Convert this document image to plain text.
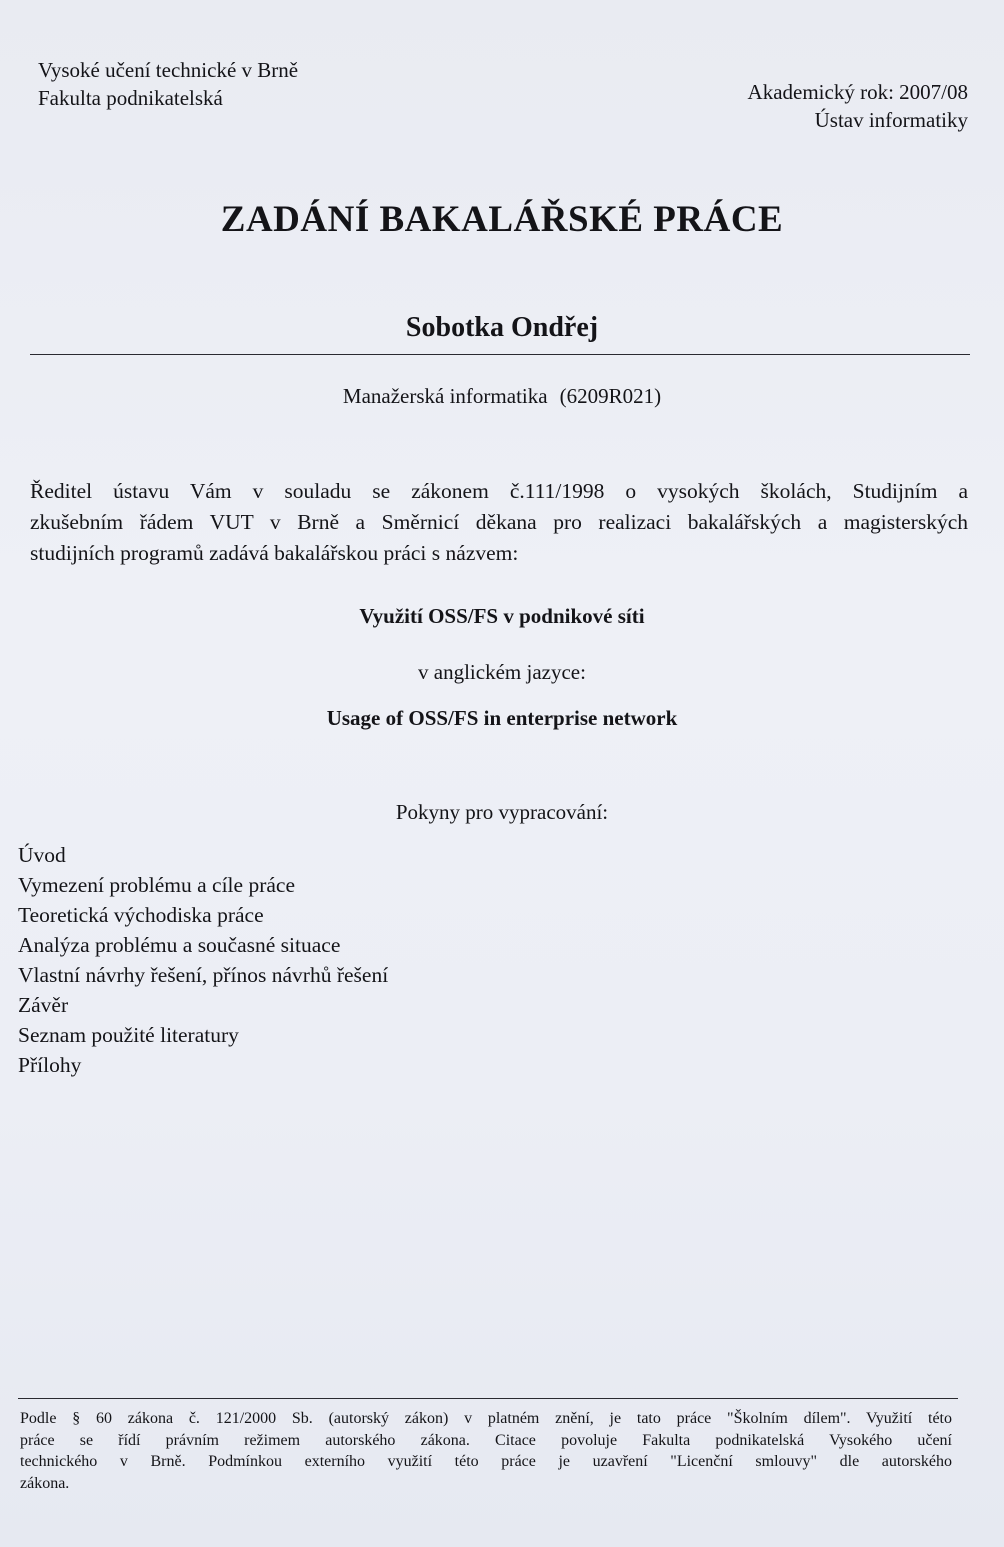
Vysoké učení technické v Brně
Fakulta podnikatelská	Akademický rok: 2007/08
Ústav informatiky
ZADÁNÍ BAKALÁŘSKÉ PRÁCE
Sobotka Ondřej
Manažerská informatika (6209R021)
Ředitel ústavu Vám v souladu se zákonem č.111/1998 o vysokých školách, Studijním a
zkušebním řádem VUT v Brně a Směrnicí děkana pro realizaci bakalářských a magisterských
studijních programů zadává bakalářskou práci s názvem:
Využití OSS/FS v podnikové síti
v anglickém jazyce:
Usage of OSS/FS in enterprise network
Pokyny pro vypracování:
Úvod
Vymezení problému a cíle práce
Teoretická východiska práce
Analýza problému a současné situace
Vlastní návrhy řešení, přínos návrhů řešení
Závěr
Seznam použité literatury
Přílohy
Podle § 60 zákona č. 121/2000 Sb. (autorský zákon) v platném znění, je tato práce "Školním dílem". Využití této
práce se řídí právním režimem autorského zákona. Citace povoluje Fakulta podnikatelská Vysokého učení
technického v Brně. Podmínkou externího využití této práce je uzavření "Licenční smlouvy" dle autorského
zákona.
